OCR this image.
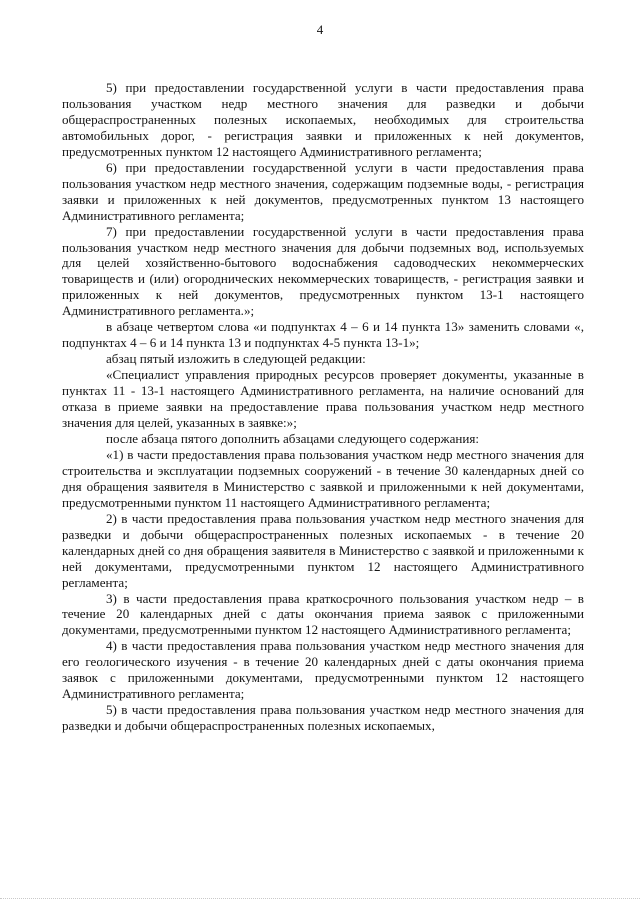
4

5) при предоставлении государственной услуги в части предоставления права пользования участком недр местного значения для разведки и добычи общераспространенных полезных ископаемых, необходимых для строительства автомобильных дорог, - регистрация заявки и приложенных к ней документов, предусмотренных пунктом 12 настоящего Административного регламента;

6) при предоставлении государственной услуги в части предоставления права пользования участком недр местного значения, содержащим подземные воды, - регистрация заявки и приложенных к ней документов, предусмотренных пунктом 13 настоящего Административного регламента;

7) при предоставлении государственной услуги в части предоставления права пользования участком недр местного значения для добычи подземных вод, используемых для целей хозяйственно-бытового водоснабжения садоводческих некоммерческих товариществ и (или) огороднических некоммерческих товариществ, - регистрация заявки и приложенных к ней документов, предусмотренных пунктом 13-1 настоящего Административного регламента.»;

в абзаце четвертом слова «и подпунктах 4 – 6 и 14 пункта 13» заменить словами «, подпунктах 4 – 6 и 14 пункта 13 и подпунктах 4-5 пункта 13-1»;

абзац пятый изложить в следующей редакции:

«Специалист управления природных ресурсов проверяет документы, указанные в пунктах 11 - 13-1 настоящего Административного регламента, на наличие оснований для отказа в приеме заявки на предоставление права пользования участком недр местного значения для целей, указанных в заявке:»;

после абзаца пятого дополнить абзацами следующего содержания:

«1) в части предоставления права пользования участком недр местного значения для строительства и эксплуатации подземных сооружений - в течение 30 календарных дней со дня обращения заявителя в Министерство с заявкой и приложенными к ней документами, предусмотренными пунктом 11 настоящего Административного регламента;

2) в части предоставления права пользования участком недр местного значения для разведки и добычи общераспространенных полезных ископаемых - в течение 20 календарных дней со дня обращения заявителя в Министерство с заявкой и приложенными к ней документами, предусмотренными пунктом 12 настоящего Административного регламента;

3) в части предоставления права краткосрочного пользования участком недр – в течение 20 календарных дней с даты окончания приема заявок с приложенными документами, предусмотренными пунктом 12 настоящего Административного регламента;

4) в части предоставления права пользования участком недр местного значения для его геологического изучения - в течение 20 календарных дней с даты окончания приема заявок с приложенными документами, предусмотренными пунктом 12 настоящего Административного регламента;

5) в части предоставления права пользования участком недр местного значения для разведки и добычи общераспространенных полезных ископаемых,
